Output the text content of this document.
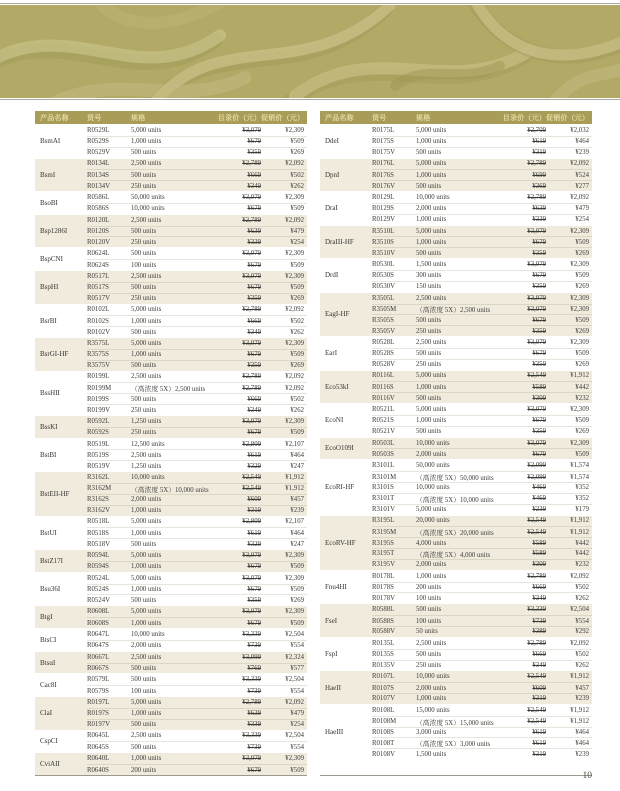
产品名称	货号	规格	目录价（元） 促销价（元）
BsmAI
R0529L	5,000 units	¥3,079	¥2,309
R0529S	1,000 units	¥679	¥509
R0529V	500 units	¥359	¥269
BsmI
R0134L	2,500 units	¥2,789	¥2,092
R0134S	500 units	¥669	¥502
R0134V	250 units	¥349	¥262
BsoBI
R0586L	50,000 units	¥3,079	¥2,309
R0586S	10,000 units	¥679	¥509
Bsp1286I
R0120L	2,500 units	¥2,789	¥2,092
R0120S	500 units	¥639	¥479
R0120V	250 units	¥339	¥254
BspCNI
R0624L	500 units	¥3,079	¥2,309
R0624S	100 units	¥679	¥509
BspHI
R0517L	2,500 units	¥3,079	¥2,309
R0517S	500 units	¥679	¥509
R0517V	250 units	¥359	¥269
BsrBI
R0102L	5,000 units	¥2,789	¥2,092
R0102S	1,000 units	¥669	¥502
R0102V	500 units	¥349	¥262
BsrGI-HF
R3575L	5,000 units	¥3,079	¥2,309
R3575S	1,000 units	¥679	¥509
R3575V	500 units	¥359	¥269
BssHII
R0199L	2,500 units	¥2,789	¥2,092
R0199M	（高浓度 5X）2,500 units	¥2,789	¥2,092
R0199S	500 units	¥669	¥502
R0199V	250 units	¥349	¥262
BssKI
R0592L	1,250 units	¥3,079	¥2,309
R0592S	250 units	¥679	¥509
BstBI
R0519L	12,500 units	¥2,809	¥2,107
R0519S	2,500 units	¥619	¥464
R0519V	1,250 units	¥329	¥247
BstEII-HF
R3162L	10,000 units	¥2,549	¥1,912
R3162M	（高浓度 5X）10,000 units	¥2,549	¥1,912
R3162S	2,000 units	¥609	¥457
R3162V	1,000 units	¥319	¥239
BstUI
R0518L	5,000 units	¥2,809	¥2,107
R0518S	1,000 units	¥619	¥464
R0518V	500 units	¥329	¥247
BstZ17I
R0594L	5,000 units	¥3,079	¥2,309
R0594S	1,000 units	¥679	¥509
Bsu36I
R0524L	5,000 units	¥3,079	¥2,309
R0524S	1,000 units	¥679	¥509
R0524V	500 units	¥359	¥269
BtgI
R0608L	5,000 units	¥3,079	¥2,309
R0608S	1,000 units	¥679	¥509
BtsCI
R0647L	10,000 units	¥3,339	¥2,504
R0647S	2,000 units	¥739	¥554
BtsαI
R0667L	2,500 units	¥3,099	¥2,324
R0667S	500 units	¥769	¥577
Cac8I
R0579L	500 units	¥3,339	¥2,504
R0579S	100 units	¥739	¥554
ClaI
R0197L	5,000 units	¥2,789	¥2,092
R0197S	1,000 units	¥639	¥479
R0197V	500 units	¥339	¥254
CspCI
R0645L	2,500 units	¥3,339	¥2,504
R0645S	500 units	¥739	¥554
CviAII
R0640L	1,000 units	¥3,079	¥2,309
R0640S	200 units	¥679	¥509
产品名称	货号	规格	目录价（元） 促销价（元）
DdeI
R0175L	5,000 units	¥2,709	¥2,032
R0175S	1,000 units	¥619	¥464
R0175V	500 units	¥319	¥239
DpnI
R0176L	5,000 units	¥2,789	¥2,092
R0176S	1,000 units	¥699	¥524
R0176V	500 units	¥369	¥277
DraI
R0129L	10,000 units	¥2,789	¥2,092
R0129S	2,000 units	¥639	¥479
R0129V	1,000 units	¥339	¥254
DraIII-HF
R3510L	5,000 units	¥3,079	¥2,309
R3510S	1,000 units	¥679	¥509
R3510V	500 units	¥359	¥269
DrdI
R0530L	1,500 units	¥3,079	¥2,309
R0530S	300 units	¥679	¥509
R0530V	150 units	¥359	¥269
EagI-HF
R3505L	2,500 units	¥3,079	¥2,309
R3505M	（高浓度 5X）2,500 units	¥3,079	¥2,309
R3505S	500 units	¥679	¥509
R3505V	250 units	¥359	¥269
EarI
R0528L	2,500 units	¥3,079	¥2,309
R0528S	500 units	¥679	¥509
R0528V	250 units	¥359	¥269
Eco53kI
R0116L	5,000 units	¥2,549	¥1,912
R0116S	1,000 units	¥589	¥442
R0116V	500 units	¥309	¥232
EcoNI
R0521L	5,000 units	¥3,079	¥2,309
R0521S	1,000 units	¥679	¥509
R0521V	500 units	¥359	¥269
EcoO109I
R0503L	10,000 units	¥3,079	¥2,309
R0503S	2,000 units	¥679	¥509
EcoRI-HF
R3101L	50,000 units	¥2,099	¥1,574
R3101M	（高浓度 5X）50,000 units	¥2,099	¥1,574
R3101S	10,000 units	¥469	¥352
R3101T	（高浓度 5X）10,000 units	¥469	¥352
R3101V	5,000 units	¥239	¥179
EcoRV-HF
R3195L	20,000 units	¥2,549	¥1,912
R3195M	（高浓度 5X）20,000 units	¥2,549	¥1,912
R3195S	4,000 units	¥589	¥442
R3195T	（高浓度 5X）4,000 units	¥589	¥442
R3195V	2,000 units	¥309	¥232
Fnu4HI
R0178L	1,000 units	¥2,789	¥2,092
R0178S	200 units	¥669	¥502
R0178V	100 units	¥349	¥262
FseI
R0588L	500 units	¥3,339	¥2,504
R0588S	100 units	¥739	¥554
R0588V	50 units	¥389	¥292
FspI
R0135L	2,500 units	¥2,789	¥2,092
R0135S	500 units	¥669	¥502
R0135V	250 units	¥349	¥262
HaeII
R0107L	10,000 units	¥2,549	¥1,912
R0107S	2,000 units	¥609	¥457
R0107V	1,000 units	¥319	¥239
HaeIII
R0108L	15,000 units	¥2,549	¥1,912
R0108M	（高浓度 5X）15,000 units	¥2,549	¥1,912
R0108S	3,000 units	¥619	¥464
R0108T	（高浓度 5X）3,000 units	¥619	¥464
R0108V	1,500 units	¥319	¥239
10
